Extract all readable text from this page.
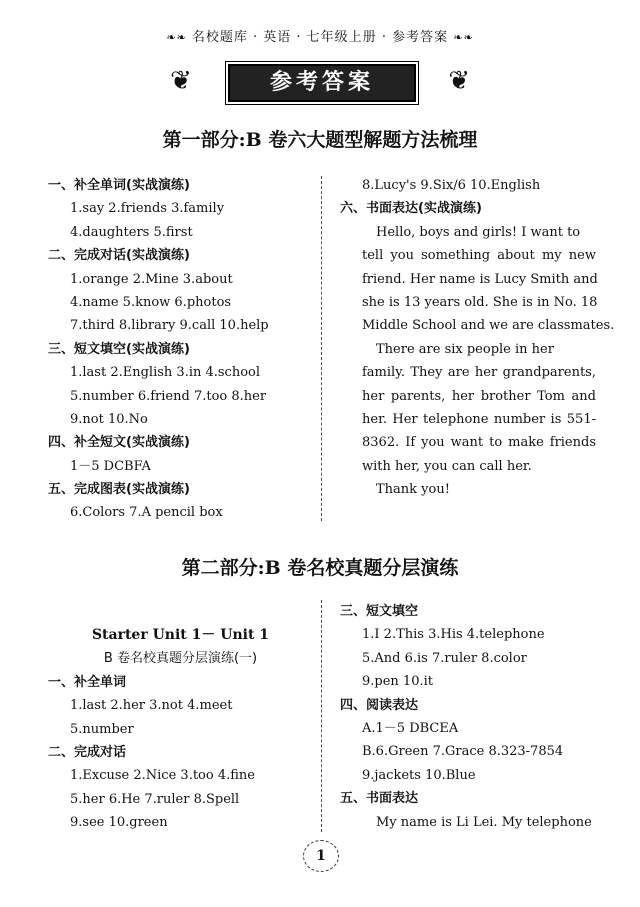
❧❧ 名校题库 · 英语 · 七年级上册 · 参考答案 ❧❧
❦	参考答案	❦
第一部分:B 卷六大题型解题方法梳理
一、补全单词(实战演练)
1.say 2.friends 3.family
4.daughters 5.first
二、完成对话(实战演练)
1.orange 2.Mine 3.about
4.name 5.know 6.photos
7.third 8.library 9.call 10.help
三、短文填空(实战演练)
1.last 2.English 3.in 4.school
5.number 6.friend 7.too 8.her
9.not 10.No
四、补全短文(实战演练)
1－5 DCBFA
五、完成图表(实战演练)
6.Colors 7.A pencil box
8.Lucy's 9.Six/6 10.English
六、书面表达(实战演练)
Hello, boys and girls! I want to
tell you something about my new
friend. Her name is Lucy Smith and
she is 13 years old. She is in No. 18
Middle School and we are classmates.
There are six people in her
family. They are her grandparents,
her parents, her brother Tom and
her. Her telephone number is 551-
8362. If you want to make friends
with her, you can call her.
Thank you!
第二部分:B 卷名校真题分层演练
Starter Unit 1－ Unit 1
B 卷名校真题分层演练(一)
一、补全单词
1.last 2.her 3.not 4.meet
5.number
二、完成对话
1.Excuse 2.Nice 3.too 4.fine
5.her 6.He 7.ruler 8.Spell
9.see 10.green
三、短文填空
1.I 2.This 3.His 4.telephone
5.And 6.is 7.ruler 8.color
9.pen 10.it
四、阅读表达
A.1－5 DBCEA
B.6.Green 7.Grace 8.323-7854
9.jackets 10.Blue
五、书面表达
My name is Li Lei. My telephone
1
